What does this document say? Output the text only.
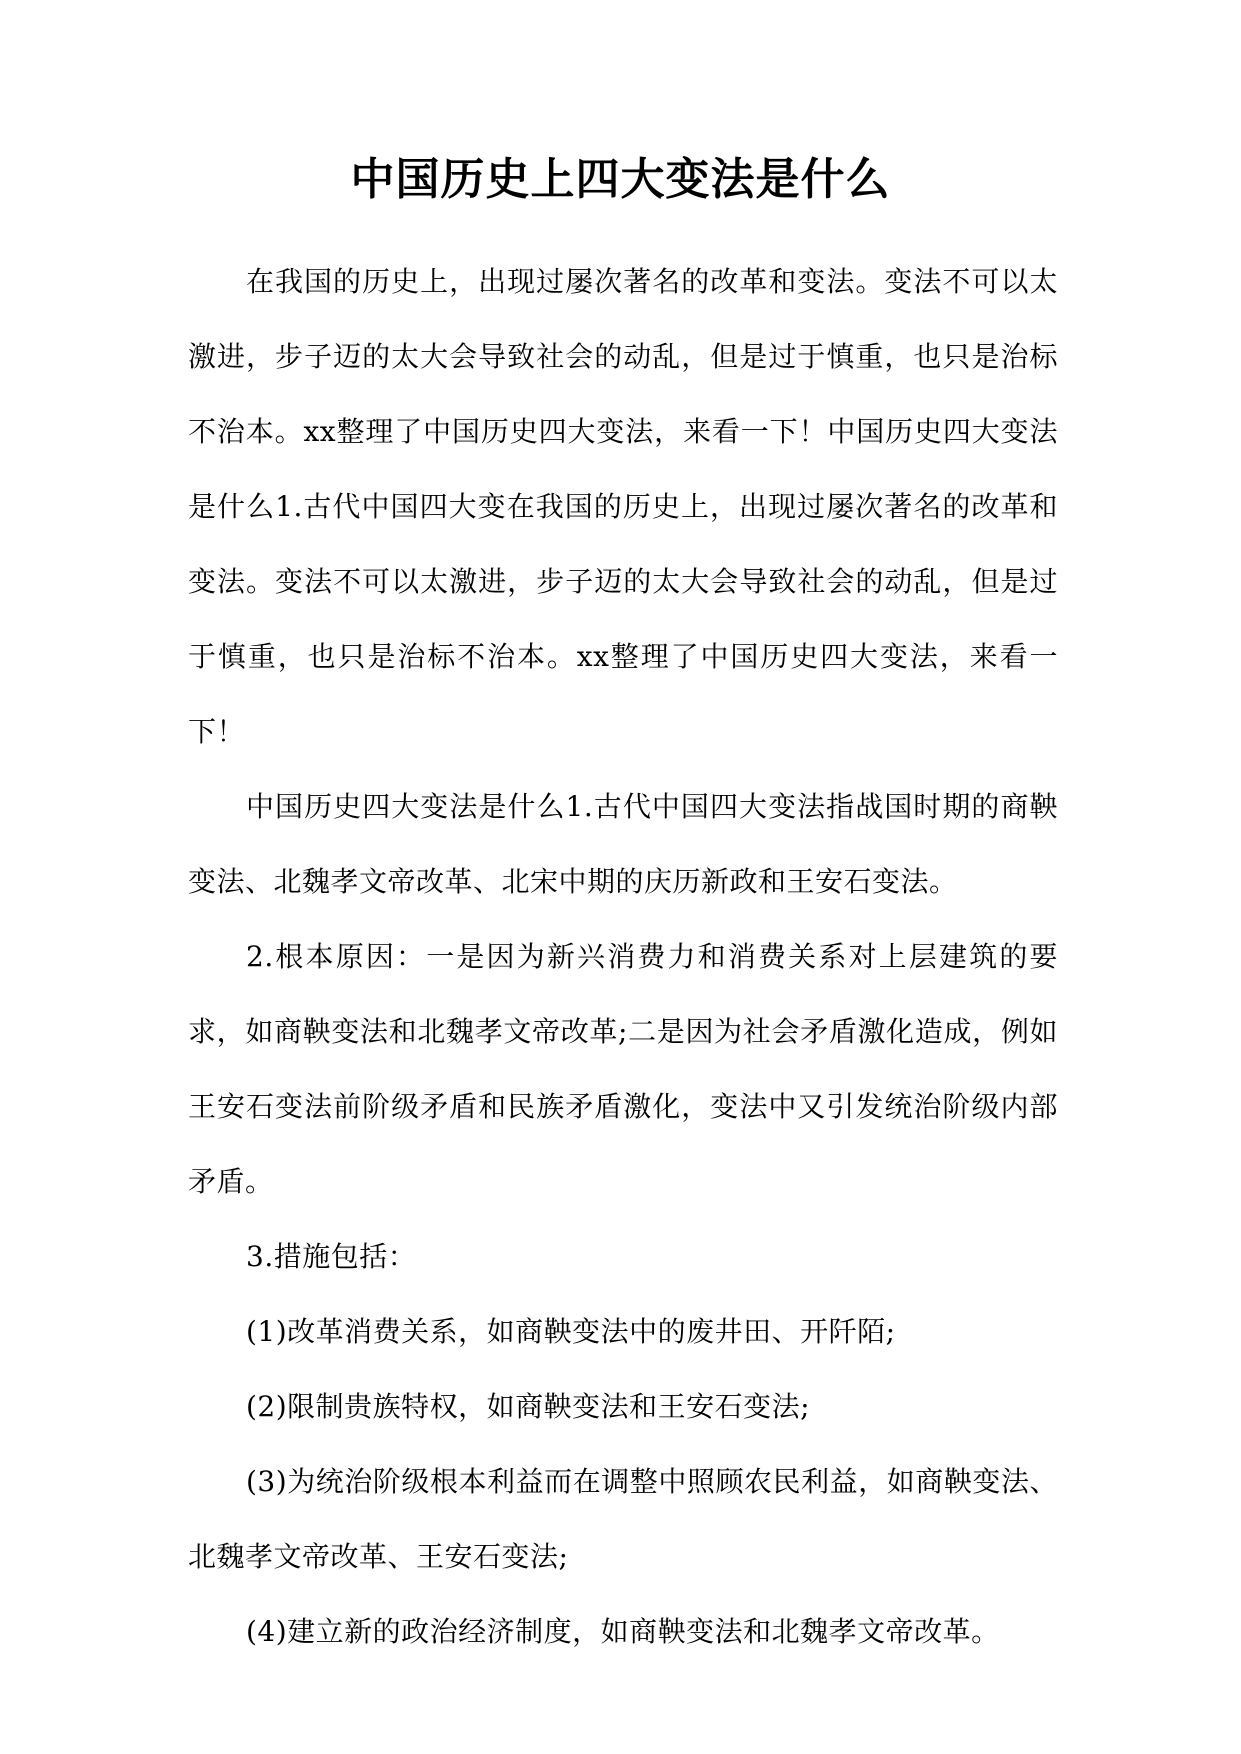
中国历史上四大变法是什么

在我国的历史上，出现过屡次著名的改革和变法。变法不可以太激进，步子迈的太大会导致社会的动乱，但是过于慎重，也只是治标不治本。xx整理了中国历史四大变法，来看一下！中国历史四大变法是什么1.古代中国四大变在我国的历史上，出现过屡次著名的改革和变法。变法不可以太激进，步子迈的太大会导致社会的动乱，但是过于慎重，也只是治标不治本。xx整理了中国历史四大变法，来看一下！

中国历史四大变法是什么1.古代中国四大变法指战国时期的商鞅变法、北魏孝文帝改革、北宋中期的庆历新政和王安石变法。

2.根本原因：一是因为新兴消费力和消费关系对上层建筑的要求，如商鞅变法和北魏孝文帝改革;二是因为社会矛盾激化造成，例如王安石变法前阶级矛盾和民族矛盾激化，变法中又引发统治阶级内部矛盾。

3.措施包括：

(1)改革消费关系，如商鞅变法中的废井田、开阡陌;

(2)限制贵族特权，如商鞅变法和王安石变法;

(3)为统治阶级根本利益而在调整中照顾农民利益，如商鞅变法、北魏孝文帝改革、王安石变法;

(4)建立新的政治经济制度，如商鞅变法和北魏孝文帝改革。
